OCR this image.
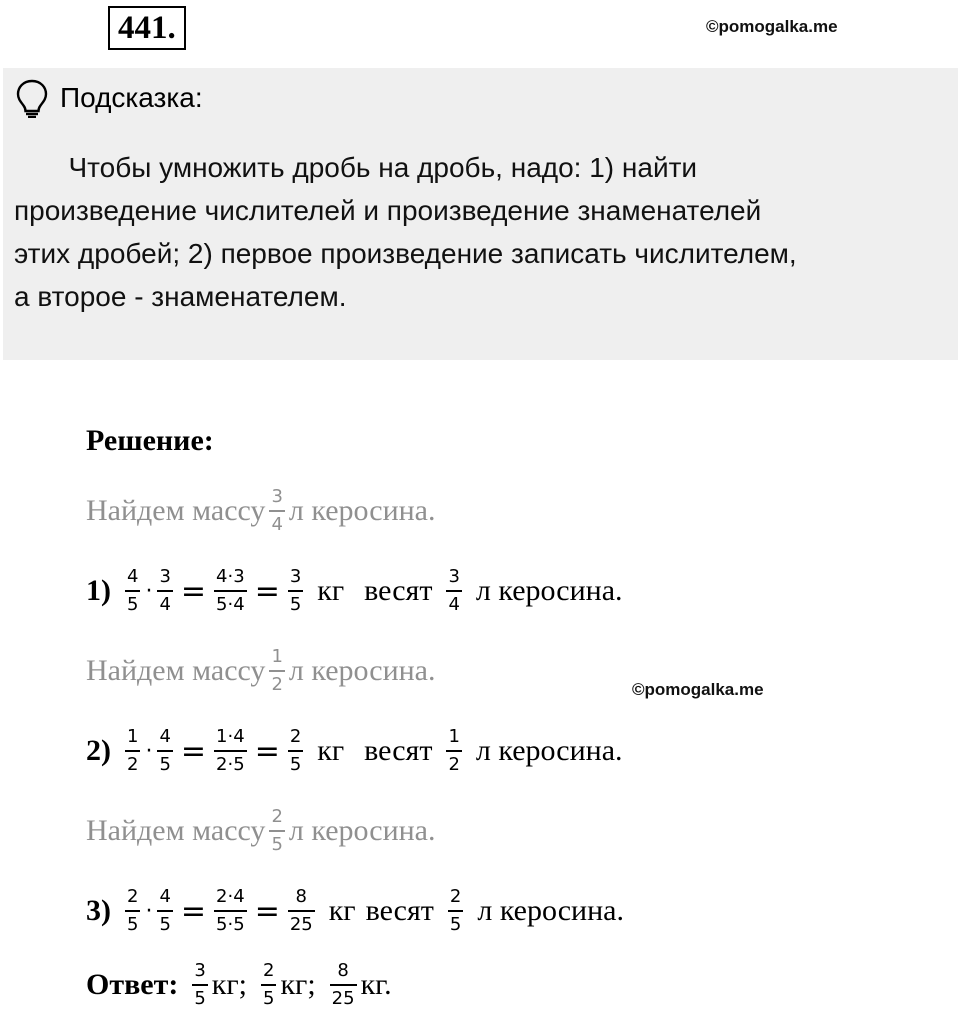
441.	©pomogalka.me
Подсказка:

Чтобы умножить дробь на дробь, надо: 1) найти

произведение числителей и произведение знаменателей

этих дробей; 2) первое произведение записать числителем,

а второе - знаменателем.

Решение:
Найдем массу $\frac{3}{4}$ л керосина.
$1) \frac{4}{5} \cdot \frac{3}{4} = \frac{4\cdot 3}{5\cdot 4} = \frac{3}{5}$ кг весят $\frac{3}{4}$ л керосина.
Найдем массу $\frac{1}{2}$ л керосина.
©pomogalka.me
$2) \frac{1}{2} \cdot \frac{4}{5} = \frac{1\cdot 4}{2\cdot 5} = \frac{2}{5}$ кг весят $\frac{1}{2}$ л керосина.
Найдем массу $\frac{2}{5}$ л керосина.
$3) \frac{2}{5} \cdot \frac{4}{5} = \frac{2\cdot 4}{5\cdot 5} = \frac{8}{25}$ кг весят $\frac{2}{5}$ л керосина.
Ответ: $\frac{3}{5}$ кг; $\frac{2}{5}$ кг; $\frac{8}{25}$ кг.
